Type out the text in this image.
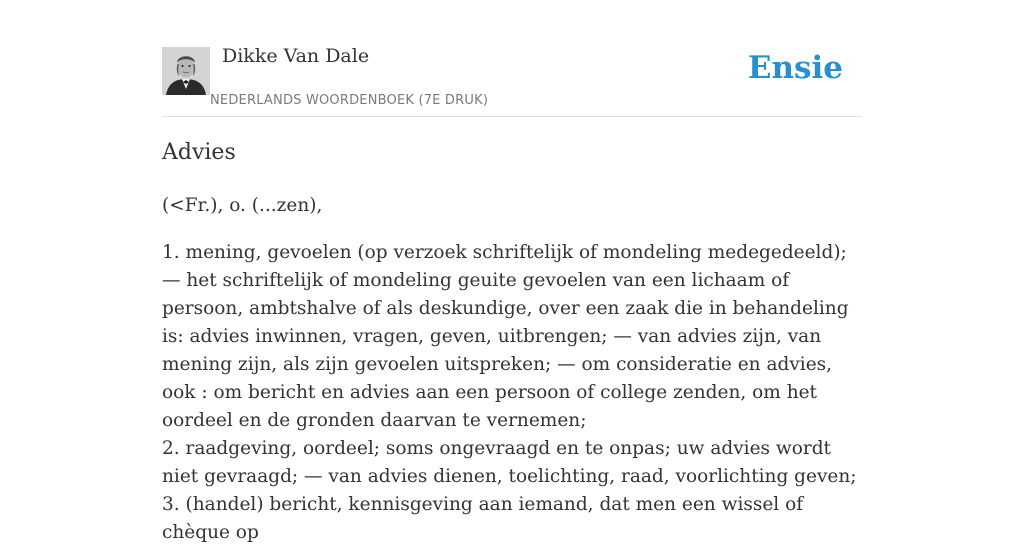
Dikke Van Dale
NEDERLANDS WOORDENBOEK (7E DRUK)
Ensie
Advies

(<Fr.), o. (...zen),

1. mening, gevoelen (op verzoek schriftelijk of mondeling medegedeeld); — het schriftelijk of mondeling geuite gevoelen van een lichaam of persoon, ambtshalve of als deskundige, over een zaak die in behandeling is: advies inwinnen, vragen, geven, uitbrengen; — van advies zijn, van mening zijn, als zijn gevoelen uitspreken; — om consideratie en advies, ook : om bericht en advies aan een persoon of college zenden, om het oordeel en de gronden daarvan te vernemen;

2. raadgeving, oordeel; soms ongevraagd en te onpas; uw advies wordt niet gevraagd; — van advies dienen, toelichting, raad, voorlichting geven;

3. (handel) bericht, kennisgeving aan iemand, dat men een wissel of chèque op
